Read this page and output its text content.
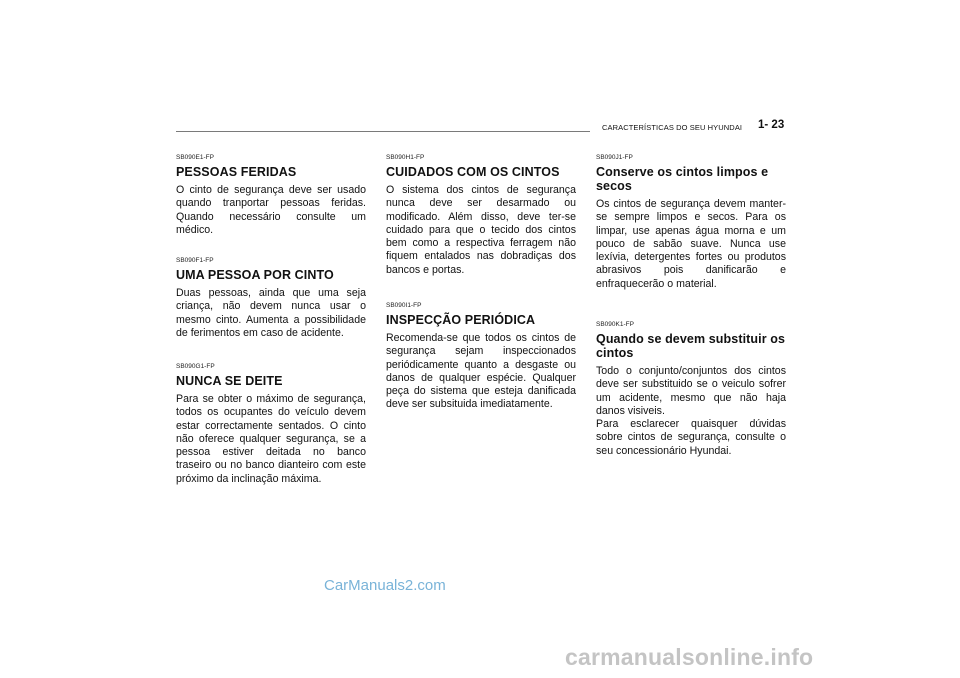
CARACTERÍSTICAS DO SEU HYUNDAI 1- 23
SB090E1-FP
PESSOAS FERIDAS

O cinto de segurança deve ser usado quando tranportar pessoas feridas. Quando necessário consulte um médico.

SB090F1-FP
UMA PESSOA POR CINTO

Duas pessoas, ainda que uma seja criança, não devem nunca usar o mesmo cinto. Aumenta a possibilidade de ferimentos em caso de acidente.

SB090G1-FP
NUNCA SE DEITE

Para se obter o máximo de segurança, todos os ocupantes do veículo devem estar correctamente sentados. O cinto não oferece qualquer segurança, se a pessoa estiver deitada no banco traseiro ou no banco dianteiro com este próximo da inclinação máxima.

SB090H1-FP
CUIDADOS COM OS CINTOS

O sistema dos cintos de segurança nunca deve ser desarmado ou modificado. Além disso, deve ter-se cuidado para que o tecido dos cintos bem como a respectiva ferragem não fiquem entalados nas dobradiças dos bancos e portas.

SB090I1-FP
INSPECÇÃO PERIÓDICA

Recomenda-se que todos os cintos de segurança sejam inspeccionados periódicamente quanto a desgaste ou danos de qualquer espécie. Qualquer peça do sistema que esteja danificada deve ser subsituida imediatamente.

SB090J1-FP
Conserve os cintos limpos e secos

Os cintos de segurança devem manter-se sempre limpos e secos. Para os limpar, use apenas água morna e um pouco de sabão suave. Nunca use lexívia, detergentes fortes ou produtos abrasivos pois danificarão e enfraquecerão o material.

SB090K1-FP
Quando se devem substituir os cintos

Todo o conjunto/conjuntos dos cintos deve ser substituido se o veiculo sofrer um acidente, mesmo que não haja danos visiveis.

Para esclarecer quaisquer dúvidas sobre cintos de segurança, consulte o seu concessionário Hyundai.

CarManuals2.com
carmanualsonline.info
